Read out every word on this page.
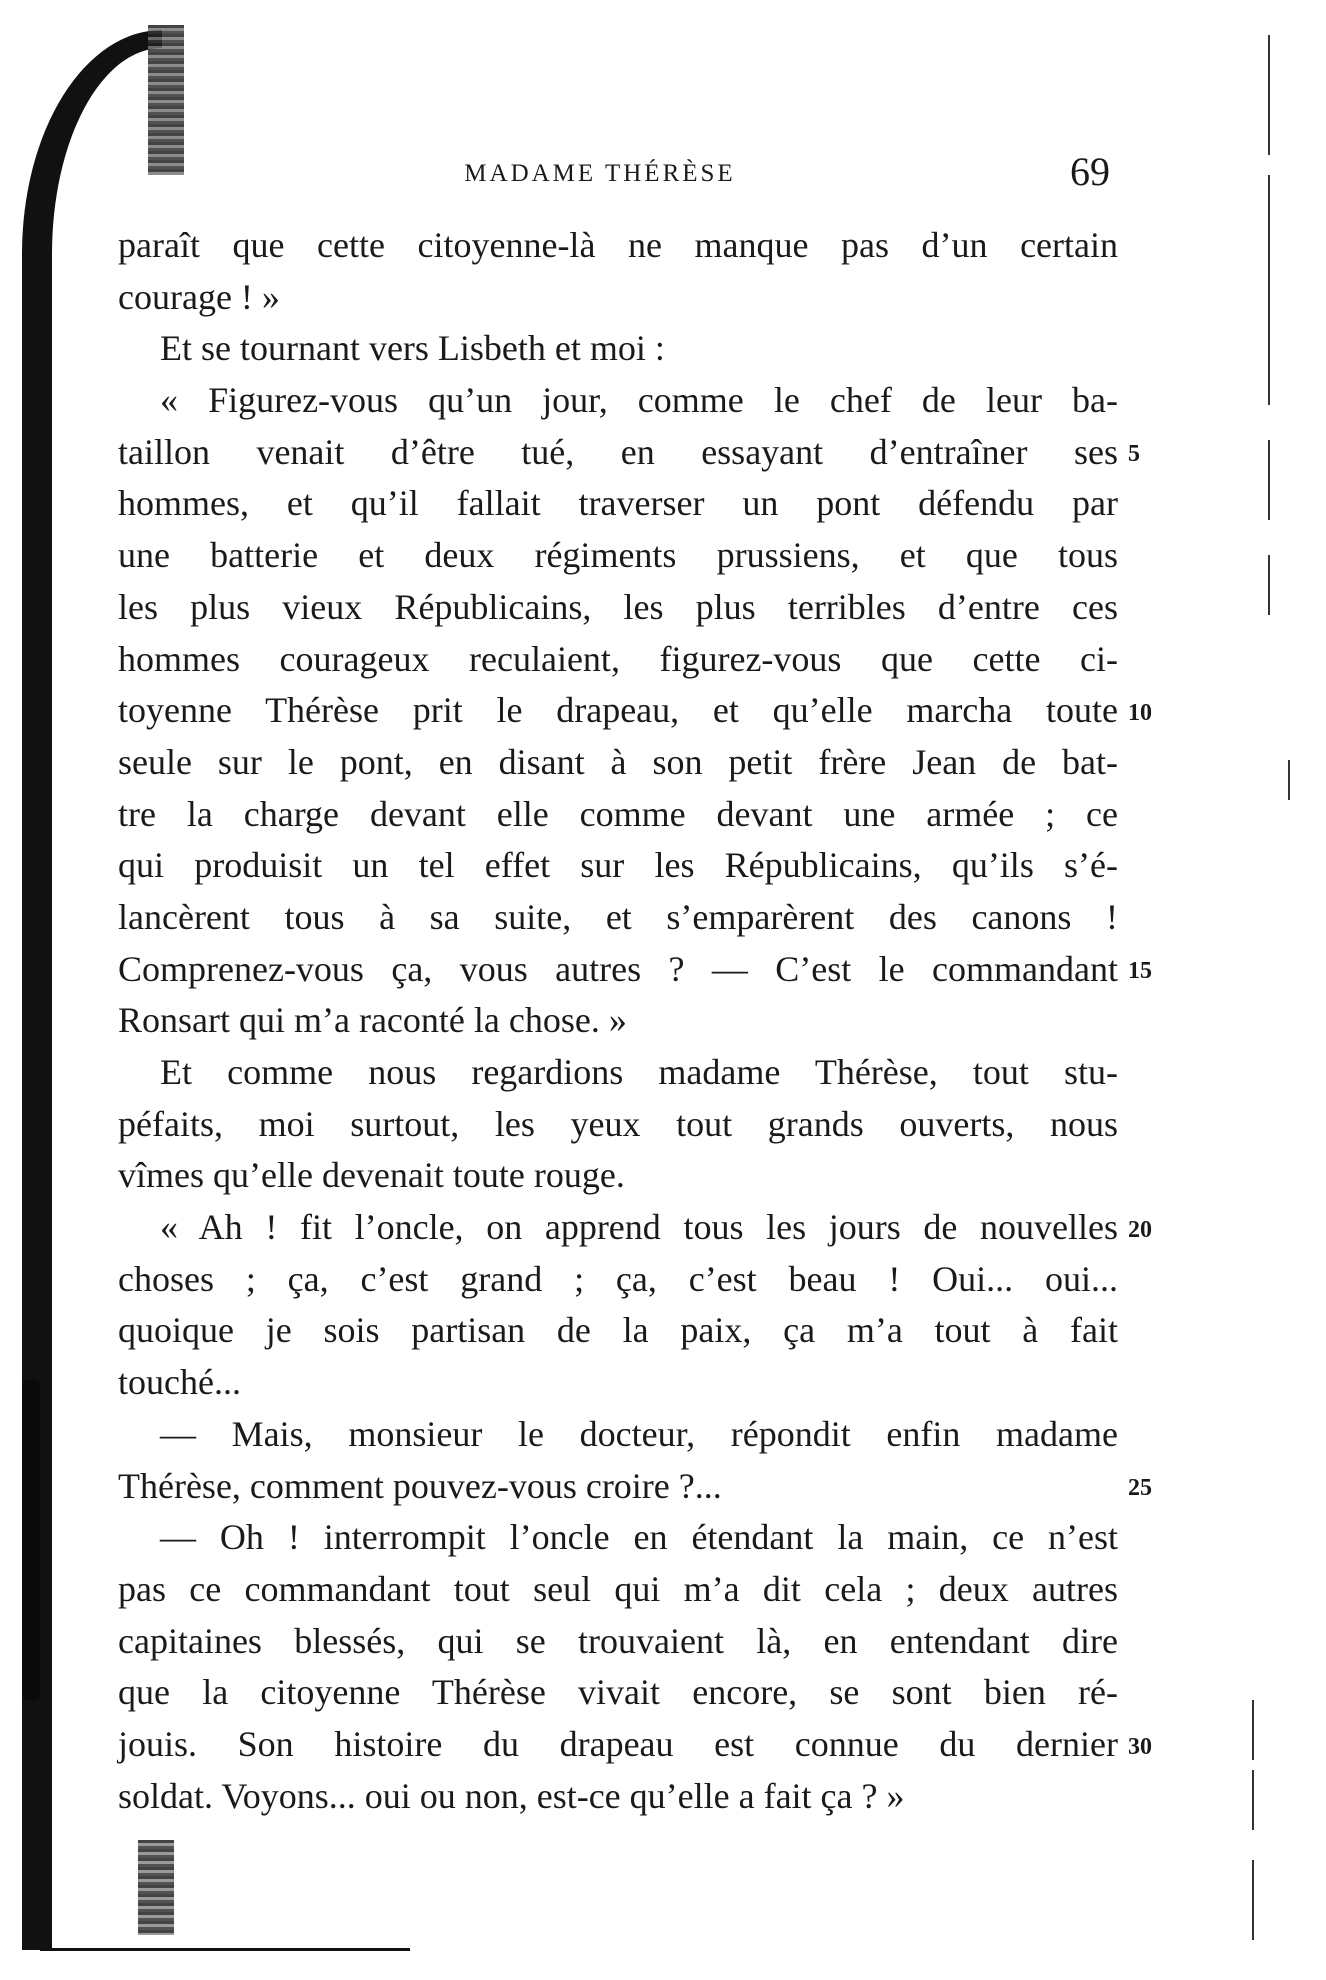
MADAME THÉRÈSE	69
paraît que cette citoyenne-là ne manque pas d’un certain
courage ! »
Et se tournant vers Lisbeth et moi :
« Figurez-vous qu’un jour, comme le chef de leur ba-
taillon venait d’être tué, en essayant d’entraîner ses
hommes, et qu’il fallait traverser un pont défendu par
une batterie et deux régiments prussiens, et que tous
les plus vieux Républicains, les plus terribles d’entre ces
hommes courageux reculaient, figurez-vous que cette ci-
toyenne Thérèse prit le drapeau, et qu’elle marcha toute
seule sur le pont, en disant à son petit frère Jean de bat-
tre la charge devant elle comme devant une armée ; ce
qui produisit un tel effet sur les Républicains, qu’ils s’é-
lancèrent tous à sa suite, et s’emparèrent des canons !
Comprenez-vous ça, vous autres ? — C’est le commandant
Ronsart qui m’a raconté la chose. »
Et comme nous regardions madame Thérèse, tout stu-
péfaits, moi surtout, les yeux tout grands ouverts, nous
vîmes qu’elle devenait toute rouge.
« Ah ! fit l’oncle, on apprend tous les jours de nouvelles
choses ; ça, c’est grand ; ça, c’est beau ! Oui... oui...
quoique je sois partisan de la paix, ça m’a tout à fait
touché...
— Mais, monsieur le docteur, répondit enfin madame
Thérèse, comment pouvez-vous croire ?...
— Oh ! interrompit l’oncle en étendant la main, ce n’est
pas ce commandant tout seul qui m’a dit cela ; deux autres
capitaines blessés, qui se trouvaient là, en entendant dire
que la citoyenne Thérèse vivait encore, se sont bien ré-
jouis. Son histoire du drapeau est connue du dernier
soldat. Voyons... oui ou non, est-ce qu’elle a fait ça ? »
5
10
15
20
25
30
